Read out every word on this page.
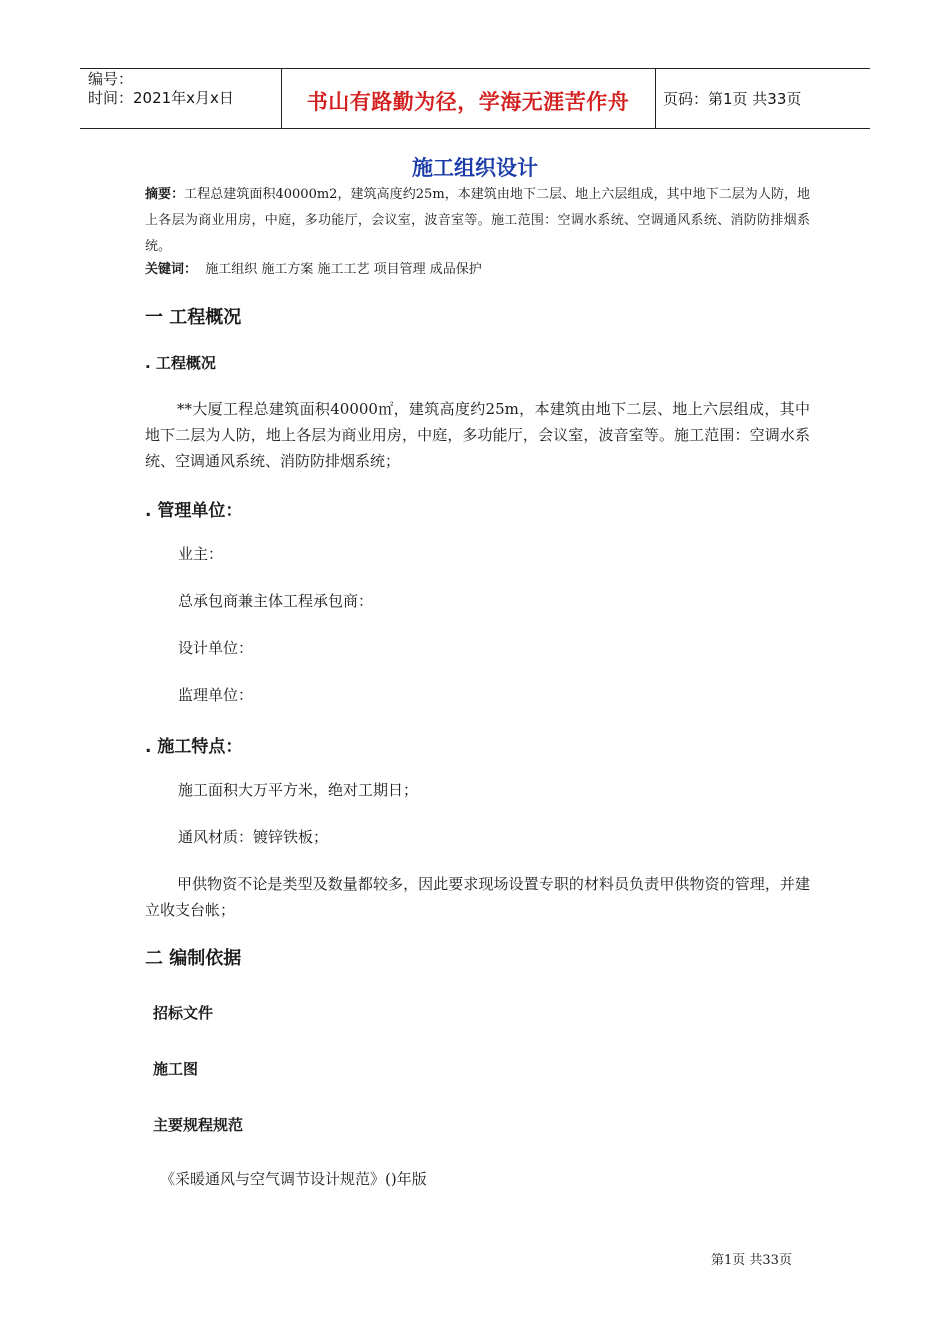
编号：
时间：2021年x月x日	书山有路勤为径，学海无涯苦作舟	页码：第1页 共33页
施工组织设计
摘要：工程总建筑面积40000m2，建筑高度约25m，本建筑由地下二层、地上六层组成，其中地下二层为人防，地上各层为商业用房，中庭，多功能厅，会议室，波音室等。施工范围：空调水系统、空调通风系统、消防防排烟系统。
关键词： 施工组织 施工方案 施工工艺 项目管理 成品保护
一 工程概况
. 工程概况
**大厦工程总建筑面积40000㎡，建筑高度约25m，本建筑由地下二层、地上六层组成，其中地下二层为人防，地上各层为商业用房，中庭，多功能厅，会议室，波音室等。施工范围：空调水系统、空调通风系统、消防防排烟系统；
. 管理单位：
业主：
总承包商兼主体工程承包商：
设计单位：
监理单位：
. 施工特点：
施工面积大万平方米，绝对工期日；
通风材质：镀锌铁板；
甲供物资不论是类型及数量都较多，因此要求现场设置专职的材料员负责甲供物资的管理，并建立收支台帐；
二 编制依据
招标文件
施工图
主要规程规范
《采暖通风与空气调节设计规范》()年版
第1页 共33页
